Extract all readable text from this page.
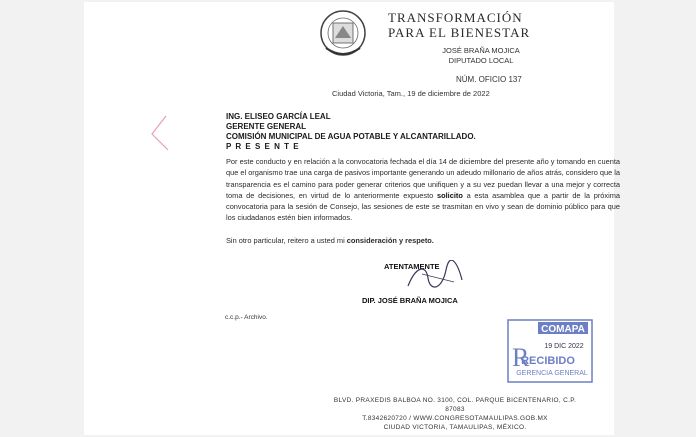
TRANSFORMACIÓN
PARA EL BIENESTAR
JOSÉ BRAÑA MOJICA
DIPUTADO LOCAL
NÚM. OFICIO 137
Ciudad Victoria, Tam., 19 de diciembre de 2022
ING. ELISEO GARCÍA LEAL
GERENTE GENERAL
COMISIÓN MUNICIPAL DE AGUA POTABLE Y ALCANTARILLADO.
P R E S E N T E
Por este conducto y en relación a la convocatoria fechada el día 14 de diciembre del presente año y tomando en cuenta que el organismo trae una carga de pasivos importante generando un adeudo millonario de años atrás, considero que la transparencia es el camino para poder generar criterios que unifiquen y a su vez puedan llevar a una mejor y correcta toma de decisiones, en virtud de lo anteriormente expuesto solicito a esta asamblea que a partir de la próxima convocatoria para la sesión de Consejo, las sesiones de este se trasmitan en vivo y sean de dominio público para que los ciudadanos estén bien informados.
Sin otro particular, reitero a usted mi consideración y respeto.
ATENTAMENTE
DIP. JOSÉ BRAÑA MOJICA
c.c.p.- Archivo.
COMAPA
19 DIC 2022
RECIBIDO
GERENCIA GENERAL
R
BLVD. PRAXEDIS BALBOA NO. 3100, COL. PARQUE BICENTENARIO, C.P. 87083
T.8342620720 / WWW.CONGRESOTAMAULIPAS.GOB.MX
CIUDAD VICTORIA, TAMAULIPAS, MÉXICO.
